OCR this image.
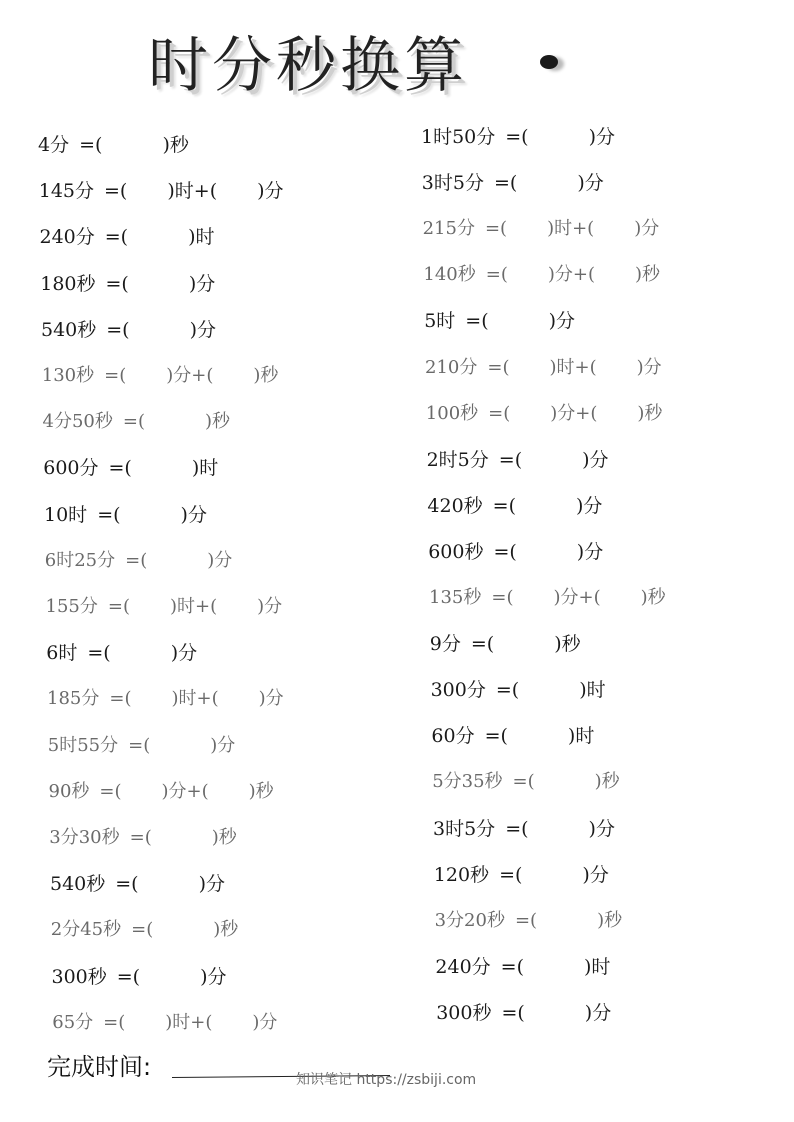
时分秒换算
4分 =(	)秒
145分 =( )时+( )分
240分 =(	)时
180秒 =(	)分
540秒 =(	)分
130秒 =( )分+( )秒
4分50秒 =(	)秒
600分 =(	)时
10时 =(	)分
6时25分 =(	)分
155分 =( )时+( )分
6时 =(	)分
185分 =( )时+( )分
5时55分 =(	)分
90秒 =( )分+( )秒
3分30秒 =(	)秒
540秒 =(	)分
2分45秒 =(	)秒
300秒 =(	)分
65分 =( )时+( )分
1时50分 =(	)分
3时5分 =(	)分
215分 =( )时+( )分
140秒 =( )分+( )秒
5时 =(	)分
210分 =( )时+( )分
100秒 =( )分+( )秒
2时5分 =(	)分
420秒 =(	)分
600秒 =(	)分
135秒 =( )分+( )秒
9分 =(	)秒
300分 =(	)时
60分 =(	)时
5分35秒 =(	)秒
3时5分 =(	)分
120秒 =(	)分
3分20秒 =(	)秒
240分 =(	)时
300秒 =(	)分
完成时间:	知识笔记 https://zsbiji.com
